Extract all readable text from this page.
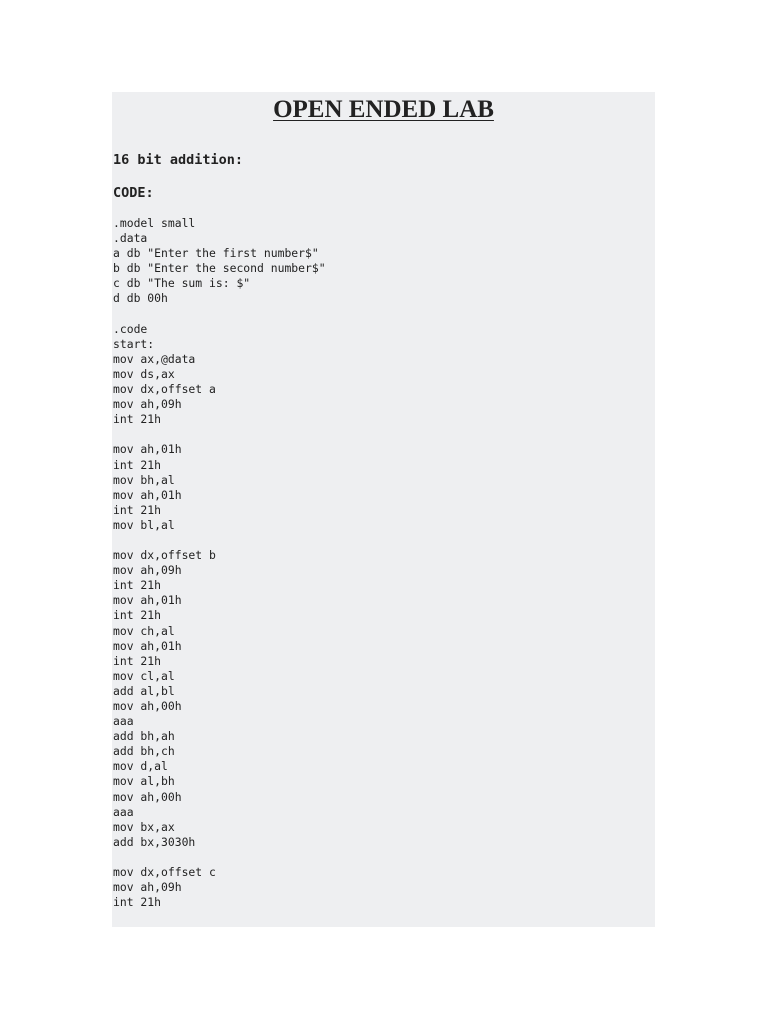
OPEN ENDED LAB
16 bit addition:
CODE:
.model small
.data
a db "Enter the first number$"
b db "Enter the second number$"
c db "The sum is: $"
d db 00h
.code
start:
mov ax,@data
mov ds,ax
mov dx,offset a
mov ah,09h
int 21h
mov ah,01h
int 21h
mov bh,al
mov ah,01h
int 21h
mov bl,al
mov dx,offset b
mov ah,09h
int 21h
mov ah,01h
int 21h
mov ch,al
mov ah,01h
int 21h
mov cl,al
add al,bl
mov ah,00h
aaa
add bh,ah
add bh,ch
mov d,al
mov al,bh
mov ah,00h
aaa
mov bx,ax
add bx,3030h
mov dx,offset c
mov ah,09h
int 21h
